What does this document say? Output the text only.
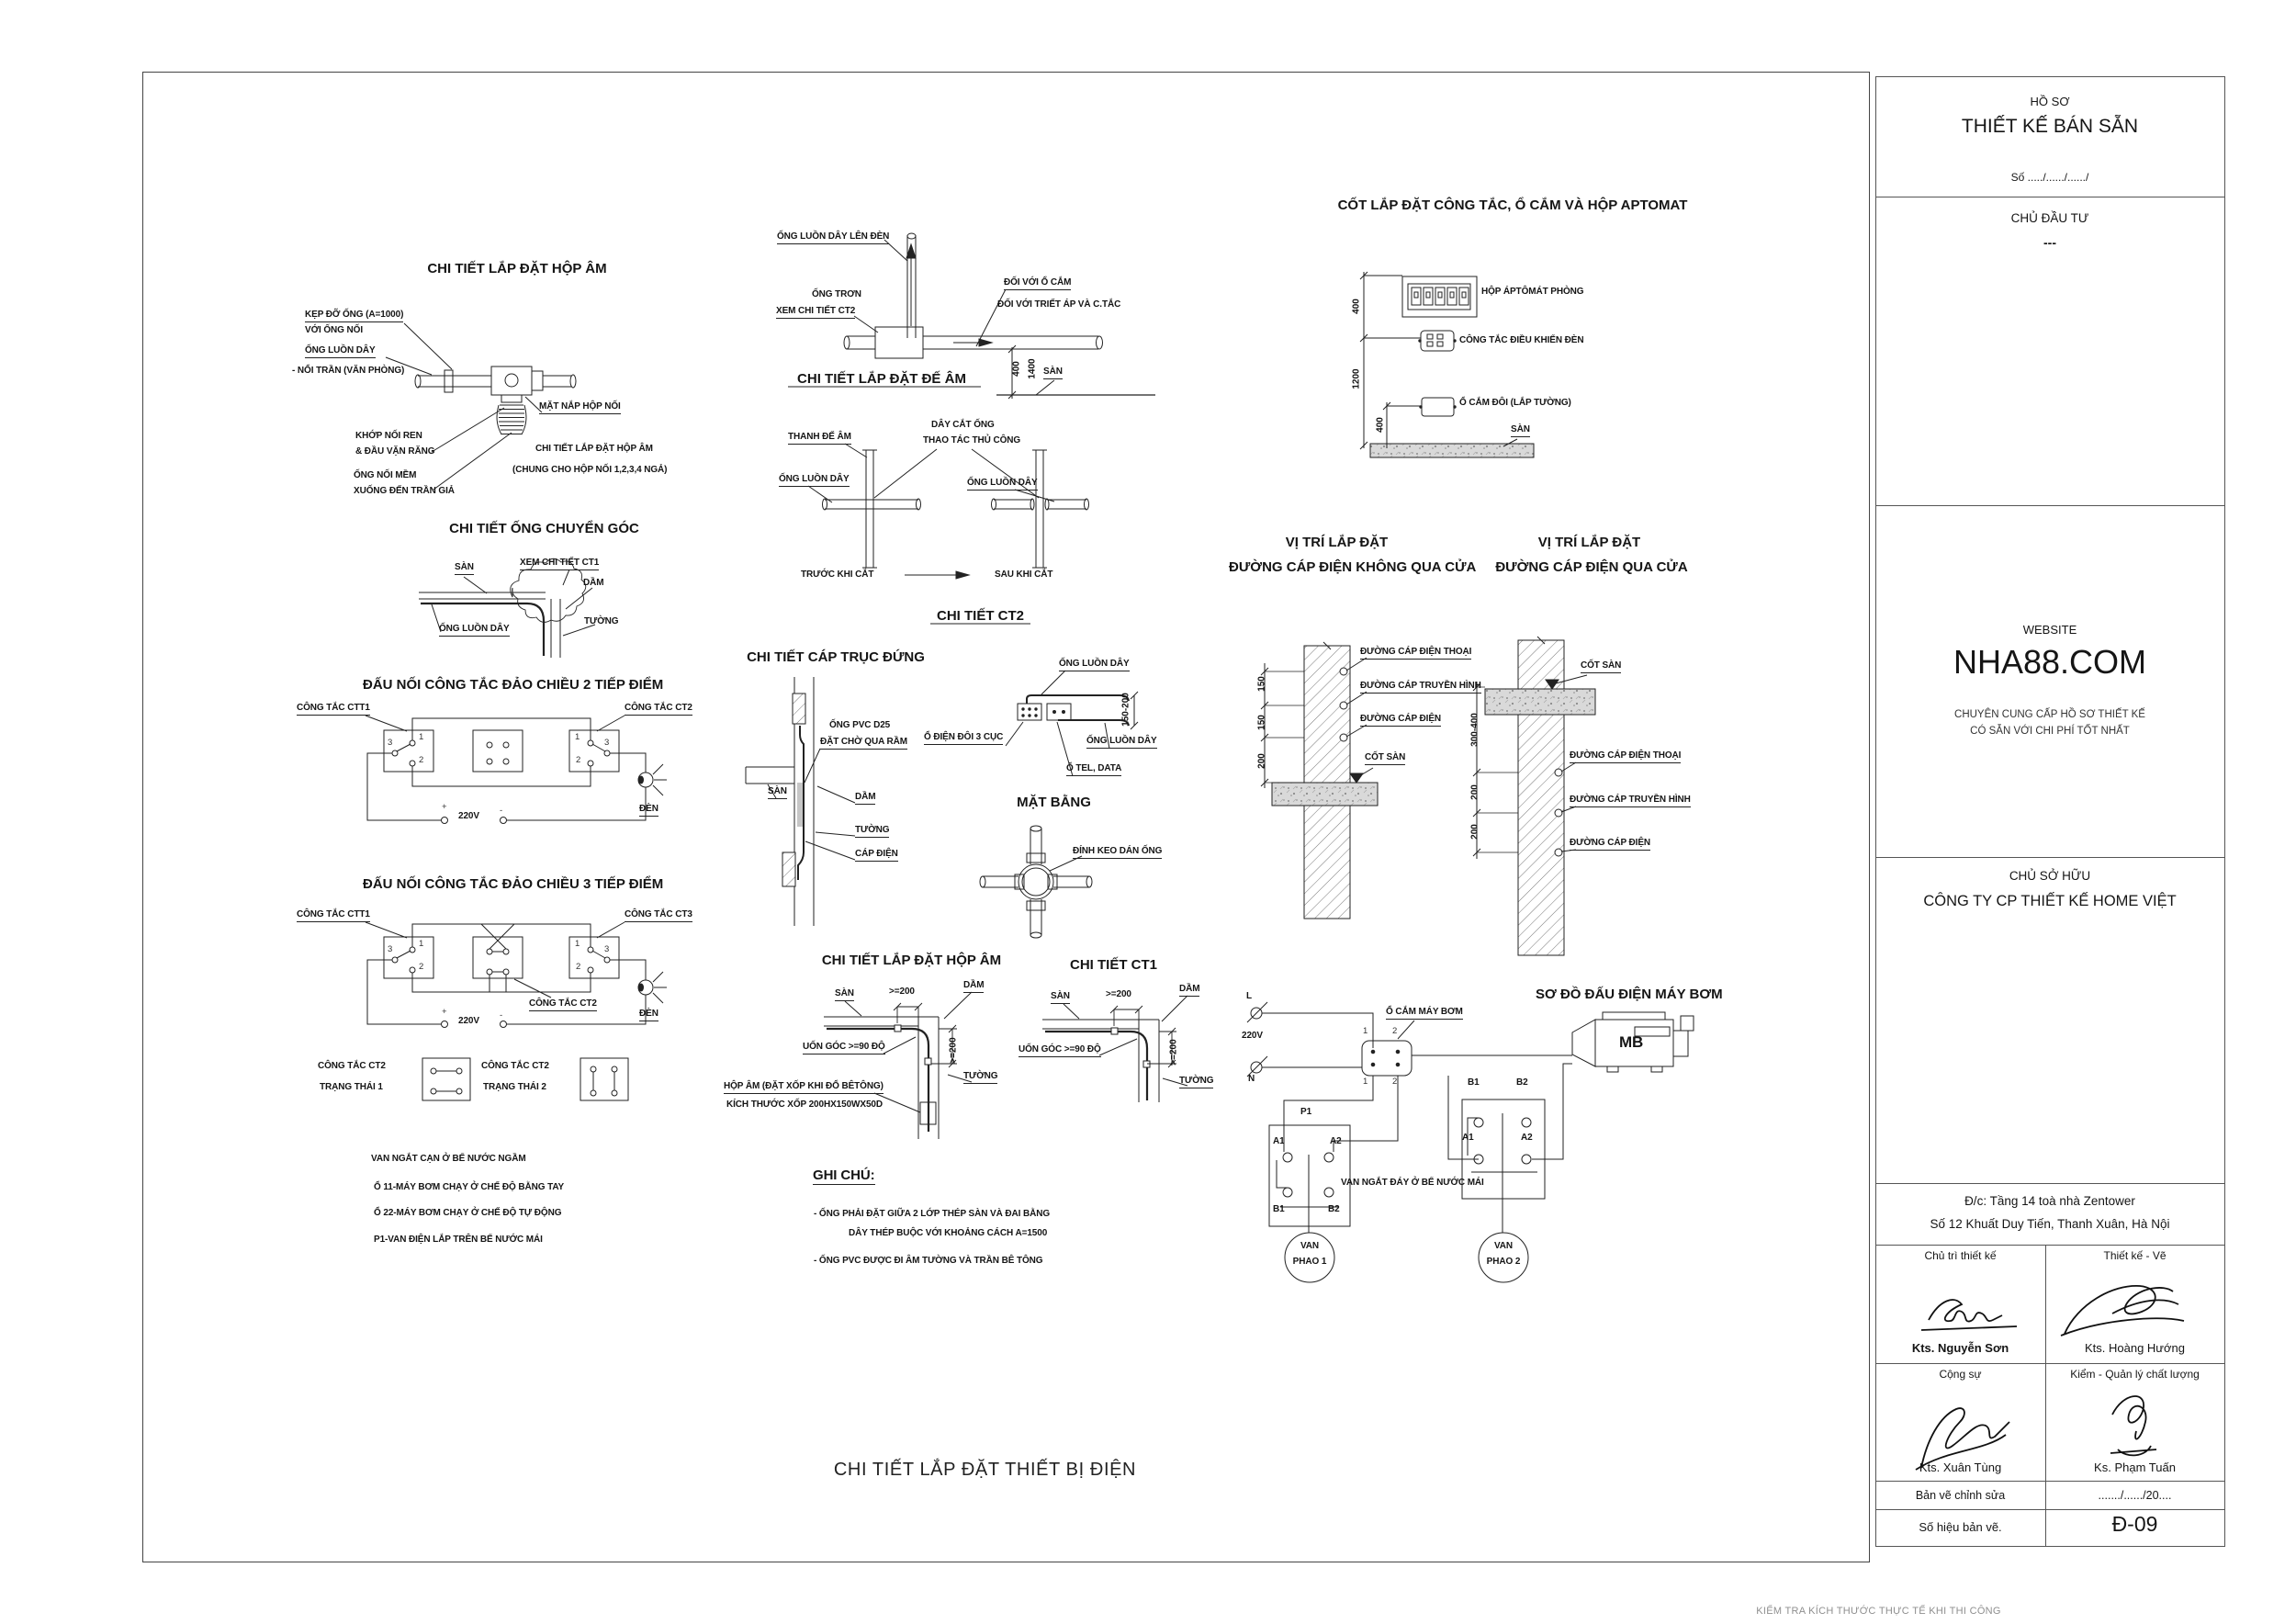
CHI TIẾT LẮP ĐẶT HỘP ÂM
KẸP ĐỠ ỐNG (A=1000)
VỚI ỐNG NỐI
ỐNG LUỒN DÂY
- NỔI TRẦN (VĂN PHÒNG)
MẶT NẮP HỘP NỐI
KHỚP NỐI REN
& ĐẦU VẶN RĂNG
ỐNG NỐI MỀM
XUỐNG ĐẾN TRẦN GIẢ
CHI TIẾT LẮP ĐẶT HỘP ÂM
(CHUNG CHO HỘP NỐI 1,2,3,4 NGẢ)
CHI TIẾT LẮP ĐẶT ĐẾ ÂM
ỐNG LUỒN DÂY LÊN ĐÈN
ỐNG TRƠN
XEM CHI TIẾT CT2
ĐỐI VỚI Ổ CẮM
ĐỐI VỚI TRIẾT ÁP VÀ C.TẮC
400 1400 SÀN
CỐT LẮP ĐẶT CÔNG TẮC, Ổ CẮM VÀ HỘP APTOMAT
HỘP ÁPTÔMÁT PHÒNG
CÔNG TẮC ĐIỀU KHIỂN ĐÈN
Ổ CẮM ĐÔI (LẮP TƯỜNG)
SÀN
400
1200
400
THANH ĐẾ ÂM
DÂY CẮT ỐNG
THAO TÁC THỦ CÔNG
ỐNG LUỒN DÂY	ỐNG LUỒN DÂY
TRƯỚC KHI CẮT	SAU KHI CẮT
CHI TIẾT CT2
CHI TIẾT ỐNG CHUYỂN GÓC
SÀN	XEM CHI TIẾT CT1
DẦM
TƯỜNG
ỐNG LUỒN DÂY
ĐẤU NỐI CÔNG TẮC ĐẢO CHIỀU 2 TIẾP ĐIỂM
CÔNG TẮC CTT1	CÔNG TẮC CT2
3
1
2
1
3
2
+
220V
-	ĐÈN
ĐẤU NỐI CÔNG TẮC ĐẢO CHIỀU 3 TIẾP ĐIỂM
CÔNG TẮC CTT1	CÔNG TẮC CT3
3
1
2
1
3
2
CÔNG TẮC CT2
+
220V
-	ĐÈN
CÔNG TẮC CT2
TRẠNG THÁI 1
CÔNG TẮC CT2
TRẠNG THÁI 2
VAN NGẮT CẠN Ở BỂ NƯỚC NGẦM
Ổ 11-MÁY BƠM CHẠY Ở CHẾ ĐỘ BẰNG TAY
Ổ 22-MÁY BƠM CHẠY Ở CHẾ ĐỘ TỰ ĐỘNG
P1-VAN ĐIỆN LẮP TRÊN BỂ NƯỚC MÁI
CHI TIẾT CÁP TRỤC ĐỨNG
ỐNG PVC D25
ĐẶT CHỜ QUA RẦM
SÀN
DẦM
TƯỜNG
CÁP ĐIỆN
ỐNG LUỒN DÂY
150-200
Ổ ĐIỆN ĐÔI 3 CỤC	ỐNG LUỒN DÂY
Ổ TEL, DATA
MẶT BẰNG
ĐÍNH KEO DÁN ỐNG
VỊ TRÍ LẮP ĐẶT
ĐƯỜNG CÁP ĐIỆN KHÔNG QUA CỬA
150
150
200
ĐƯỜNG CÁP ĐIỆN THOẠI
ĐƯỜNG CÁP TRUYỀN HÌNH
ĐƯỜNG CÁP ĐIỆN
CỐT SÀN
VỊ TRÍ LẮP ĐẶT
ĐƯỜNG CÁP ĐIỆN QUA CỬA
CỐT SÀN
300-400
200
200
ĐƯỜNG CÁP ĐIỆN THOẠI
ĐƯỜNG CÁP TRUYỀN HÌNH
ĐƯỜNG CÁP ĐIỆN
CHI TIẾT LẮP ĐẶT HỘP ÂM
SÀN	>=200
DẦM
UỐN GÓC >=90 ĐỘ	>=200
TƯỜNG
HỘP ÂM (ĐẶT XỐP KHI ĐỔ BÊTÔNG)
KÍCH THƯỚC XỐP 200HX150WX50D
CHI TIẾT CT1
SÀN	>=200
DẦM
UỐN GÓC >=90 ĐỘ	>=200
TƯỜNG
GHI CHÚ:
- ỐNG PHẢI ĐẶT GIỮA 2 LỚP THÉP SÀN VÀ ĐAI BẰNG
DÂY THÉP BUỘC VỚI KHOẢNG CÁCH A=1500
- ỐNG PVC ĐƯỢC ĐI ÂM TƯỜNG VÀ TRẦN BÊ TÔNG
SƠ ĐỒ ĐẤU ĐIỆN MÁY BƠM
L
220V
N
Ổ CẮM MÁY BƠM
1	2
1	2
MB
P1
A1	A2
B1	B2
B1	B2
A1	A2
VAN NGẮT ĐÁY Ở BỂ NƯỚC MÁI
VAN
PHAO 1
VAN
PHAO 2
CHI TIẾT LẮP ĐẶT THIẾT BỊ ĐIỆN
KIỂM TRA KÍCH THƯỚC THỰC TẾ KHI THI CÔNG
HỒ SƠ
THIẾT KẾ BÁN SẴN
Số ...../....../....../
CHỦ ĐẦU TƯ
---
WEBSITE
NHA88.COM
CHUYÊN CUNG CẤP HỒ SƠ THIẾT KẾ
CÓ SẴN VỚI CHI PHÍ TỐT NHẤT
CHỦ SỞ HỮU
CÔNG TY CP THIẾT KẾ HOME VIỆT
Đ/c: Tầng 14 toà nhà Zentower
Số 12 Khuất Duy Tiến, Thanh Xuân, Hà Nội
Chủ trì thiết kế	Thiết kế - Vẽ
Kts. Nguyễn Sơn	Kts. Hoàng Hướng
Cộng sự	Kiểm - Quản lý chất lượng
Kts. Xuân Tùng	Ks. Phạm Tuấn
Bản vẽ chỉnh sửa	......./....../20....
Số hiệu bản vẽ.	Đ-09
